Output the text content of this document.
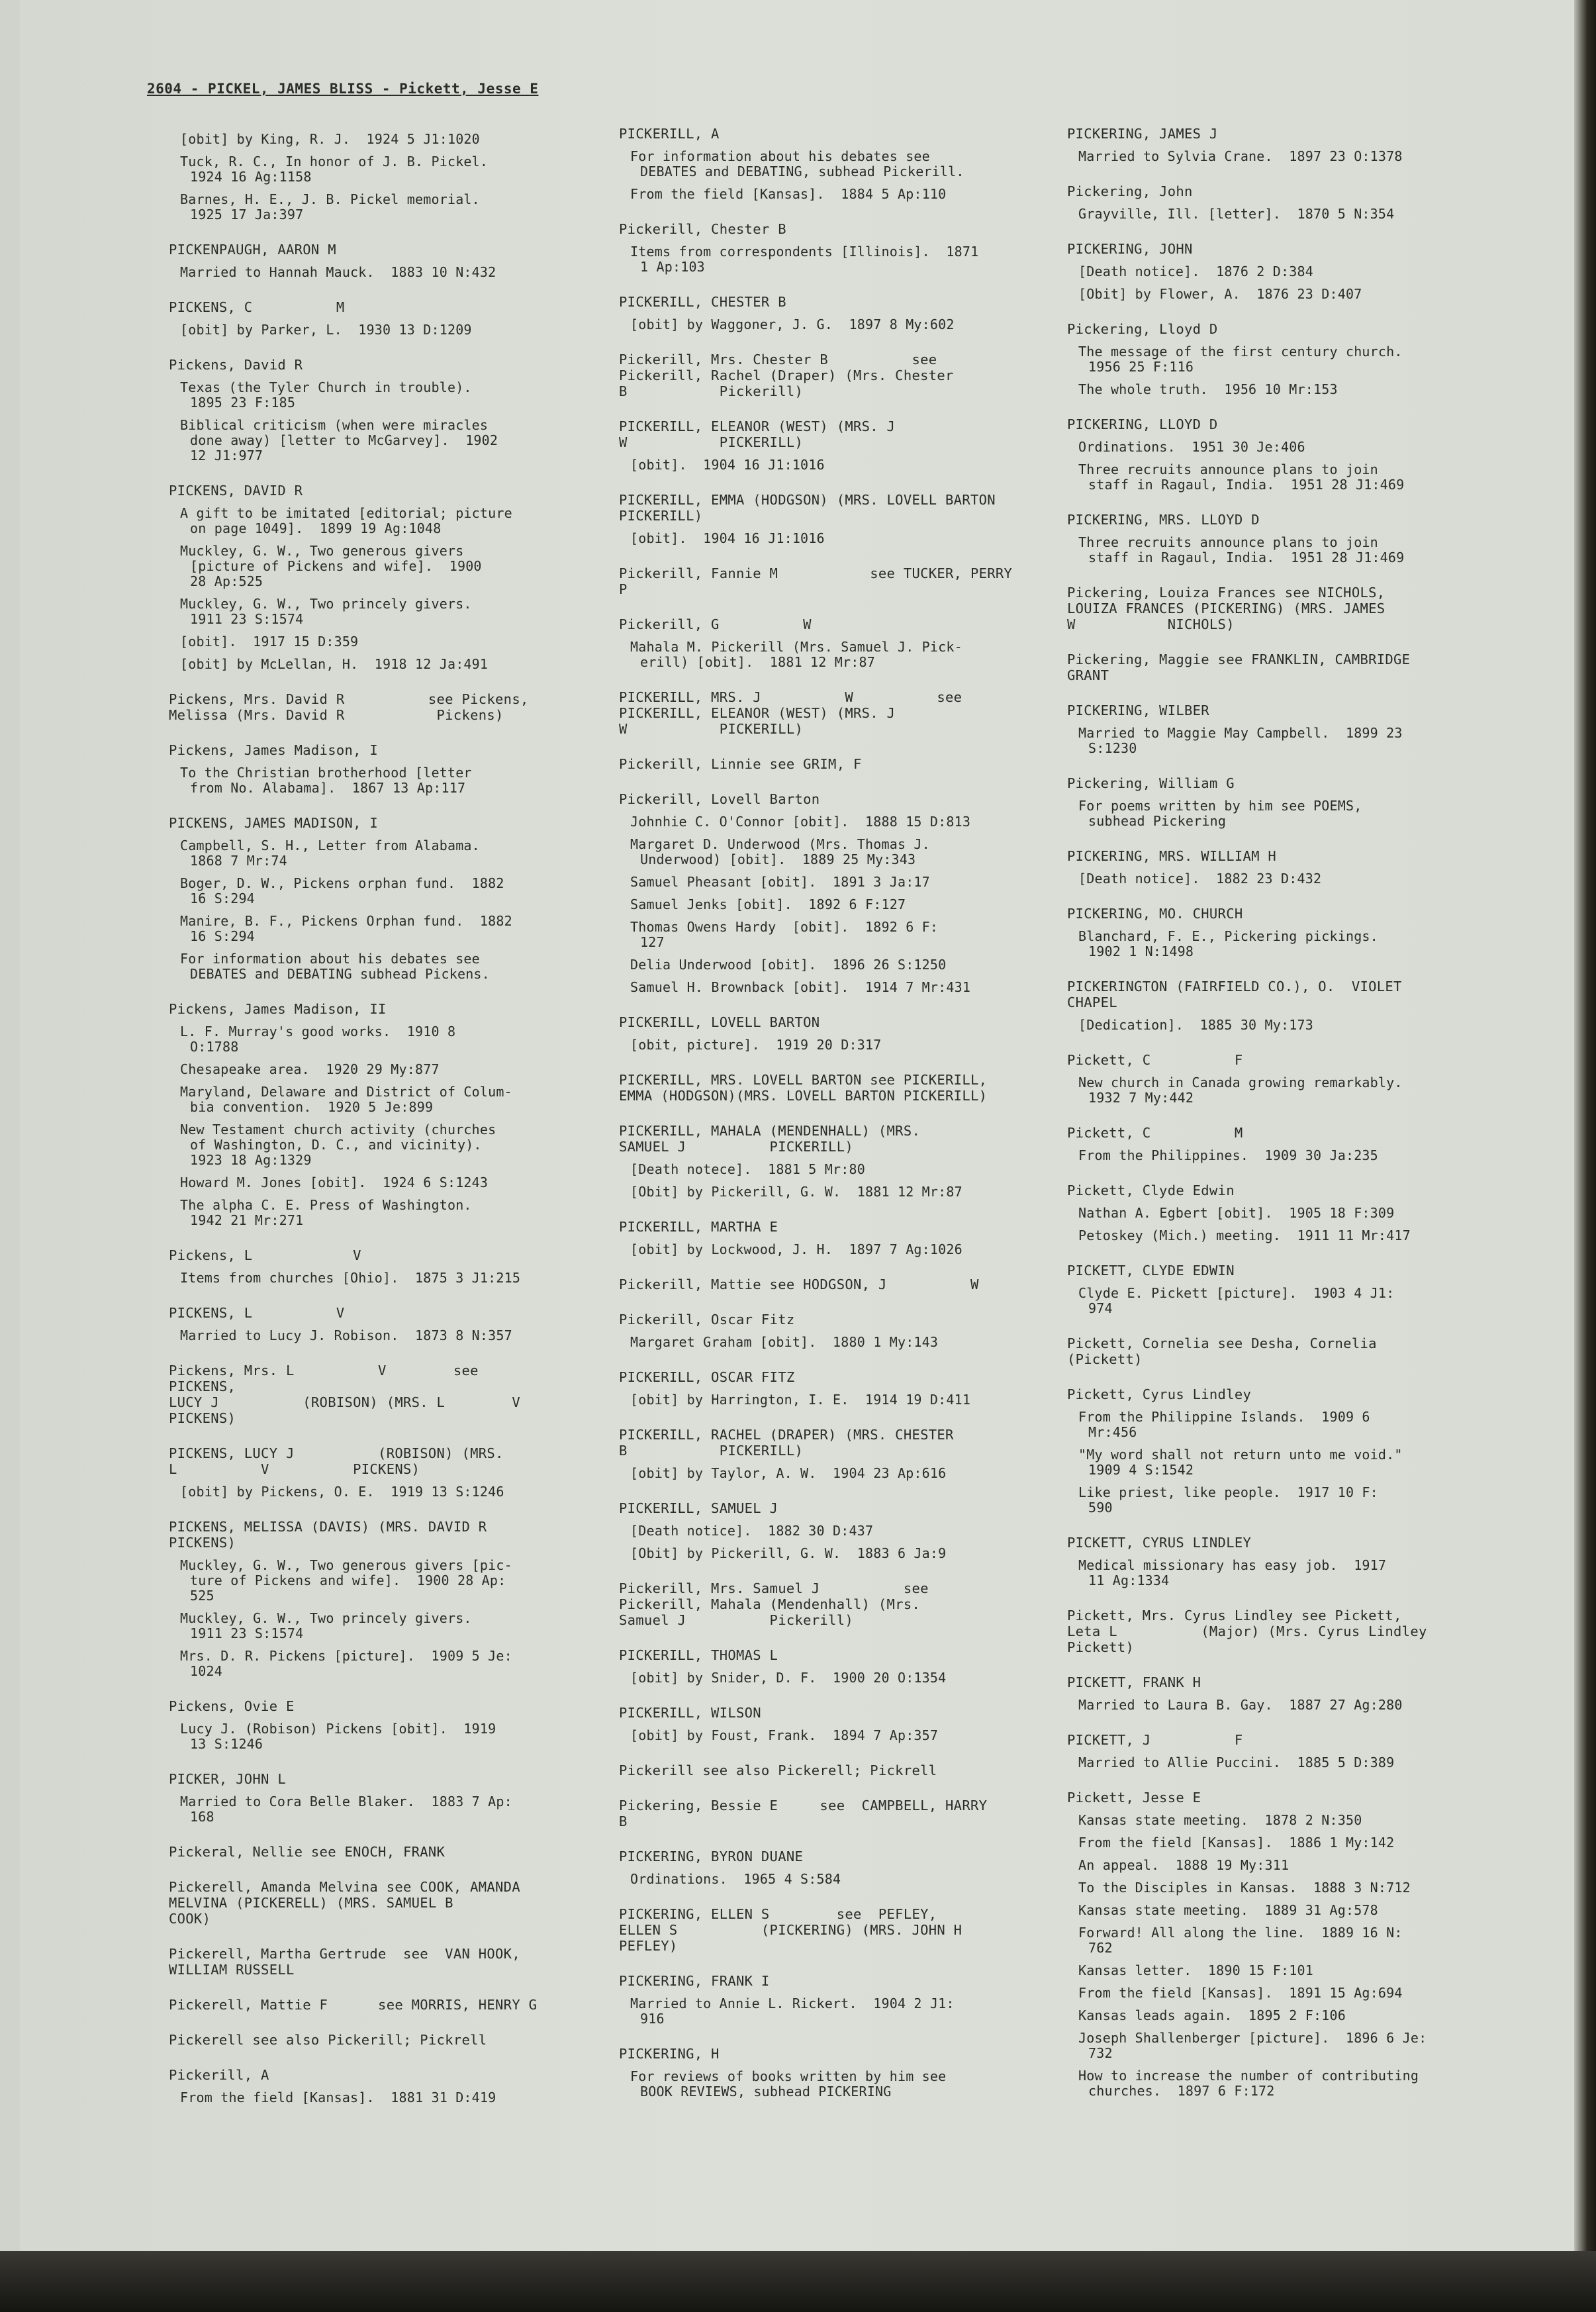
2604 - PICKEL, JAMES BLISS - Pickett, Jesse E
[obit] by King, R. J.  1924 5 J1:1020
Tuck, R. C., In honor of J. B. Pickel.
1924 16 Ag:1158
Barnes, H. E., J. B. Pickel memorial.
1925 17 Ja:397
PICKENPAUGH, AARON M
Married to Hannah Mauck.  1883 10 N:432
PICKENS, C          M
[obit] by Parker, L.  1930 13 D:1209
Pickens, David R
Texas (the Tyler Church in trouble).
1895 23 F:185
Biblical criticism (when were miracles
done away) [letter to McGarvey].  1902
12 J1:977
PICKENS, DAVID R
A gift to be imitated [editorial; picture
on page 1049].  1899 19 Ag:1048
Muckley, G. W., Two generous givers
[picture of Pickens and wife].  1900
28 Ap:525
Muckley, G. W., Two princely givers.
1911 23 S:1574
[obit].  1917 15 D:359
[obit] by McLellan, H.  1918 12 Ja:491
Pickens, Mrs. David R          see Pickens,
Melissa (Mrs. David R           Pickens)
Pickens, James Madison, I
To the Christian brotherhood [letter
from No. Alabama].  1867 13 Ap:117
PICKENS, JAMES MADISON, I
Campbell, S. H., Letter from Alabama.
1868 7 Mr:74
Boger, D. W., Pickens orphan fund.  1882
16 S:294
Manire, B. F., Pickens Orphan fund.  1882
16 S:294
For information about his debates see
DEBATES and DEBATING subhead Pickens.
Pickens, James Madison, II
L. F. Murray's good works.  1910 8
O:1788
Chesapeake area.  1920 29 My:877
Maryland, Delaware and District of Colum-
bia convention.  1920 5 Je:899
New Testament church activity (churches
of Washington, D. C., and vicinity).
1923 18 Ag:1329
Howard M. Jones [obit].  1924 6 S:1243
The alpha C. E. Press of Washington.
1942 21 Mr:271
Pickens, L            V
Items from churches [Ohio].  1875 3 J1:215
PICKENS, L          V
Married to Lucy J. Robison.  1873 8 N:357
Pickens, Mrs. L          V        see PICKENS,
LUCY J          (ROBISON) (MRS. L        V
PICKENS)
PICKENS, LUCY J          (ROBISON) (MRS.
L          V          PICKENS)
[obit] by Pickens, O. E.  1919 13 S:1246
PICKENS, MELISSA (DAVIS) (MRS. DAVID R
PICKENS)
Muckley, G. W., Two generous givers [pic-
ture of Pickens and wife].  1900 28 Ap:
525
Muckley, G. W., Two princely givers.
1911 23 S:1574
Mrs. D. R. Pickens [picture].  1909 5 Je:
1024
Pickens, Ovie E
Lucy J. (Robison) Pickens [obit].  1919
13 S:1246
PICKER, JOHN L
Married to Cora Belle Blaker.  1883 7 Ap:
168
Pickeral, Nellie see ENOCH, FRANK
Pickerell, Amanda Melvina see COOK, AMANDA
MELVINA (PICKERELL) (MRS. SAMUEL B
COOK)
Pickerell, Martha Gertrude  see  VAN HOOK,
WILLIAM RUSSELL
Pickerell, Mattie F      see MORRIS, HENRY G
Pickerell see also Pickerill; Pickrell
Pickerill, A
From the field [Kansas].  1881 31 D:419
PICKERILL, A
For information about his debates see
DEBATES and DEBATING, subhead Pickerill.
From the field [Kansas].  1884 5 Ap:110
Pickerill, Chester B
Items from correspondents [Illinois].  1871
1 Ap:103
PICKERILL, CHESTER B
[obit] by Waggoner, J. G.  1897 8 My:602
Pickerill, Mrs. Chester B          see
Pickerill, Rachel (Draper) (Mrs. Chester
B           Pickerill)
PICKERILL, ELEANOR (WEST) (MRS. J
W           PICKERILL)
[obit].  1904 16 J1:1016
PICKERILL, EMMA (HODGSON) (MRS. LOVELL BARTON
PICKERILL)
[obit].  1904 16 J1:1016
Pickerill, Fannie M           see TUCKER, PERRY
P
Pickerill, G          W
Mahala M. Pickerill (Mrs. Samuel J. Pick-
erill) [obit].  1881 12 Mr:87
PICKERILL, MRS. J          W          see
PICKERILL, ELEANOR (WEST) (MRS. J
W           PICKERILL)
Pickerill, Linnie see GRIM, F
Pickerill, Lovell Barton
Johnhie C. O'Connor [obit].  1888 15 D:813
Margaret D. Underwood (Mrs. Thomas J.
Underwood) [obit].  1889 25 My:343
Samuel Pheasant [obit].  1891 3 Ja:17
Samuel Jenks [obit].  1892 6 F:127
Thomas Owens Hardy  [obit].  1892 6 F:
127
Delia Underwood [obit].  1896 26 S:1250
Samuel H. Brownback [obit].  1914 7 Mr:431
PICKERILL, LOVELL BARTON
[obit, picture].  1919 20 D:317
PICKERILL, MRS. LOVELL BARTON see PICKERILL,
EMMA (HODGSON)(MRS. LOVELL BARTON PICKERILL)
PICKERILL, MAHALA (MENDENHALL) (MRS.
SAMUEL J          PICKERILL)
[Death notece].  1881 5 Mr:80
[Obit] by Pickerill, G. W.  1881 12 Mr:87
PICKERILL, MARTHA E
[obit] by Lockwood, J. H.  1897 7 Ag:1026
Pickerill, Mattie see HODGSON, J          W
Pickerill, Oscar Fitz
Margaret Graham [obit].  1880 1 My:143
PICKERILL, OSCAR FITZ
[obit] by Harrington, I. E.  1914 19 D:411
PICKERILL, RACHEL (DRAPER) (MRS. CHESTER
B           PICKERILL)
[obit] by Taylor, A. W.  1904 23 Ap:616
PICKERILL, SAMUEL J
[Death notice].  1882 30 D:437
[Obit] by Pickerill, G. W.  1883 6 Ja:9
Pickerill, Mrs. Samuel J          see
Pickerill, Mahala (Mendenhall) (Mrs.
Samuel J          Pickerill)
PICKERILL, THOMAS L
[obit] by Snider, D. F.  1900 20 O:1354
PICKERILL, WILSON
[obit] by Foust, Frank.  1894 7 Ap:357
Pickerill see also Pickerell; Pickrell
Pickering, Bessie E     see  CAMPBELL, HARRY
B
PICKERING, BYRON DUANE
Ordinations.  1965 4 S:584
PICKERING, ELLEN S        see  PEFLEY,
ELLEN S          (PICKERING) (MRS. JOHN H
PEFLEY)
PICKERING, FRANK I
Married to Annie L. Rickert.  1904 2 J1:
916
PICKERING, H
For reviews of books written by him see
BOOK REVIEWS, subhead PICKERING
PICKERING, JAMES J
Married to Sylvia Crane.  1897 23 O:1378
Pickering, John
Grayville, Ill. [letter].  1870 5 N:354
PICKERING, JOHN
[Death notice].  1876 2 D:384
[Obit] by Flower, A.  1876 23 D:407
Pickering, Lloyd D
The message of the first century church.
1956 25 F:116
The whole truth.  1956 10 Mr:153
PICKERING, LLOYD D
Ordinations.  1951 30 Je:406
Three recruits announce plans to join
staff in Ragaul, India.  1951 28 J1:469
PICKERING, MRS. LLOYD D
Three recruits announce plans to join
staff in Ragaul, India.  1951 28 J1:469
Pickering, Louiza Frances see NICHOLS,
LOUIZA FRANCES (PICKERING) (MRS. JAMES
W           NICHOLS)
Pickering, Maggie see FRANKLIN, CAMBRIDGE
GRANT
PICKERING, WILBER
Married to Maggie May Campbell.  1899 23
S:1230
Pickering, William G
For poems written by him see POEMS,
subhead Pickering
PICKERING, MRS. WILLIAM H
[Death notice].  1882 23 D:432
PICKERING, MO. CHURCH
Blanchard, F. E., Pickering pickings.
1902 1 N:1498
PICKERINGTON (FAIRFIELD CO.), O.  VIOLET
CHAPEL
[Dedication].  1885 30 My:173
Pickett, C          F
New church in Canada growing remarkably.
1932 7 My:442
Pickett, C          M
From the Philippines.  1909 30 Ja:235
Pickett, Clyde Edwin
Nathan A. Egbert [obit].  1905 18 F:309
Petoskey (Mich.) meeting.  1911 11 Mr:417
PICKETT, CLYDE EDWIN
Clyde E. Pickett [picture].  1903 4 J1:
974
Pickett, Cornelia see Desha, Cornelia
(Pickett)
Pickett, Cyrus Lindley
From the Philippine Islands.  1909 6
Mr:456
"My word shall not return unto me void."
1909 4 S:1542
Like priest, like people.  1917 10 F:
590
PICKETT, CYRUS LINDLEY
Medical missionary has easy job.  1917
11 Ag:1334
Pickett, Mrs. Cyrus Lindley see Pickett,
Leta L          (Major) (Mrs. Cyrus Lindley
Pickett)
PICKETT, FRANK H
Married to Laura B. Gay.  1887 27 Ag:280
PICKETT, J          F
Married to Allie Puccini.  1885 5 D:389
Pickett, Jesse E
Kansas state meeting.  1878 2 N:350
From the field [Kansas].  1886 1 My:142
An appeal.  1888 19 My:311
To the Disciples in Kansas.  1888 3 N:712
Kansas state meeting.  1889 31 Ag:578
Forward! All along the line.  1889 16 N:
762
Kansas letter.  1890 15 F:101
From the field [Kansas].  1891 15 Ag:694
Kansas leads again.  1895 2 F:106
Joseph Shallenberger [picture].  1896 6 Je:
732
How to increase the number of contributing
churches.  1897 6 F:172
